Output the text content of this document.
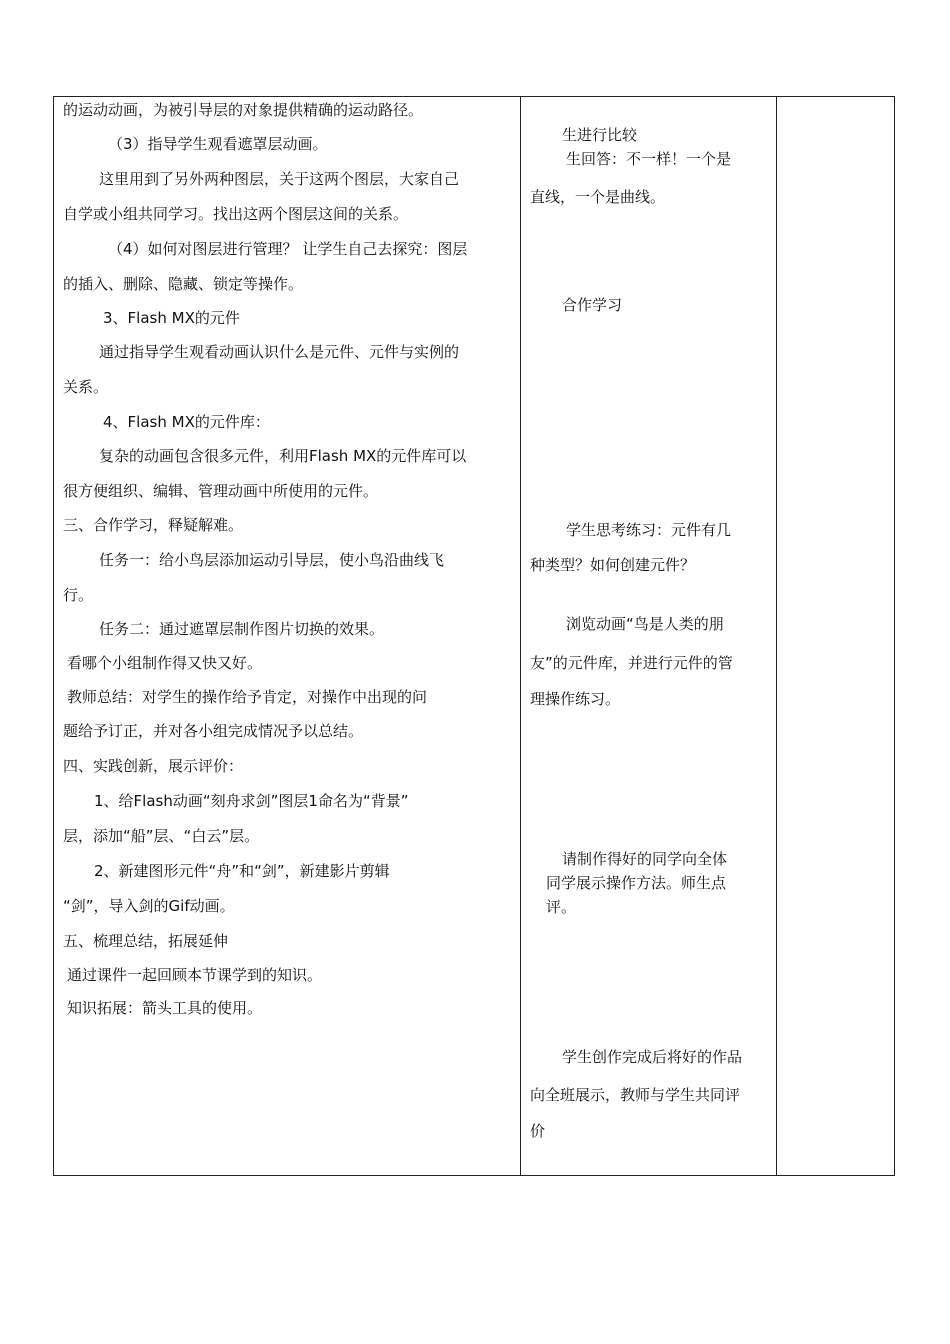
的运动动画，为被引导层的对象提供精确的运动路径。
（3）指导学生观看遮罩层动画。
这里用到了另外两种图层，关于这两个图层，大家自己
自学或小组共同学习。找出这两个图层这间的关系。
（4）如何对图层进行管理？ 让学生自己去探究：图层
的插入、删除、隐藏、锁定等操作。
3、Flash MX的元件
通过指导学生观看动画认识什么是元件、元件与实例的
关系。
4、Flash MX的元件库：
复杂的动画包含很多元件，利用Flash MX的元件库可以
很方便组织、编辑、管理动画中所使用的元件。
三、合作学习，释疑解难。
任务一：给小鸟层添加运动引导层，使小鸟沿曲线飞
行。
任务二：通过遮罩层制作图片切换的效果。
看哪个小组制作得又快又好。
教师总结：对学生的操作给予肯定，对操作中出现的问
题给予订正，并对各小组完成情况予以总结。
四、实践创新，展示评价：
1、给Flash动画“刻舟求剑”图层1命名为“背景”
层，添加“船”层、“白云”层。
2、新建图形元件“舟”和“剑”，新建影片剪辑
“剑”，导入剑的Gif动画。
五、梳理总结，拓展延伸
通过课件一起回顾本节课学到的知识。
知识拓展：箭头工具的使用。
生进行比较
生回答：不一样！一个是
直线，一个是曲线。
合作学习
学生思考练习：元件有几
种类型？如何创建元件？
浏览动画“鸟是人类的朋
友”的元件库，并进行元件的管
理操作练习。
请制作得好的同学向全体
同学展示操作方法。师生点
评。
学生创作完成后将好的作品
向全班展示，教师与学生共同评
价
